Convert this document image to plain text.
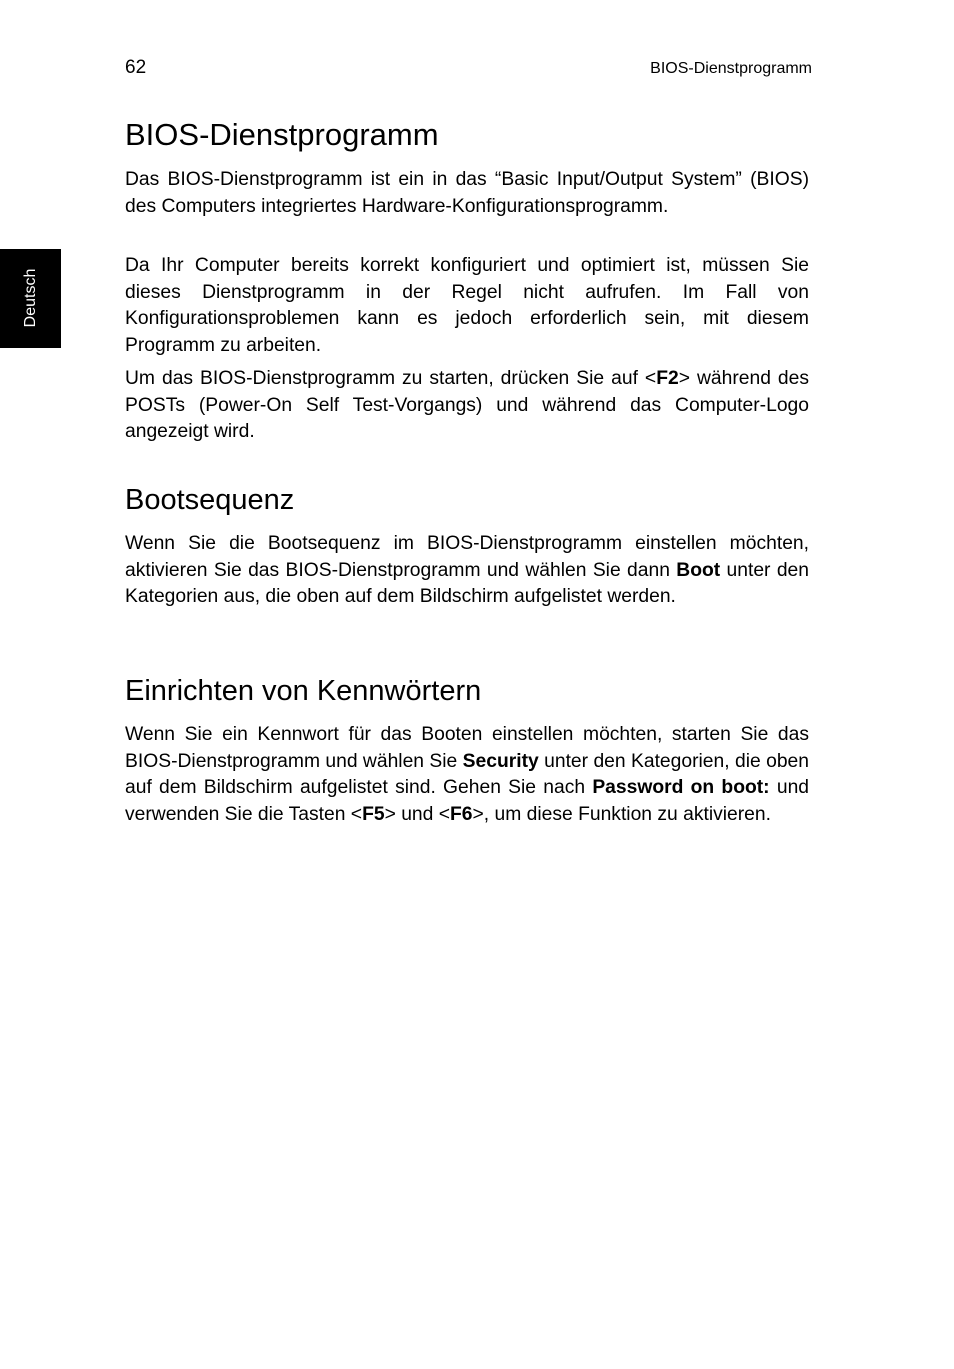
62	BIOS-Dienstprogramm
Deutsch
BIOS-Dienstprogramm

Das BIOS-Dienstprogramm ist ein in das “Basic Input/Output System” (BIOS) des Computers integriertes Hardware-Konfigurationsprogramm.

Da Ihr Computer bereits korrekt konfiguriert und optimiert ist, müssen Sie dieses Dienstprogramm in der Regel nicht aufrufen. Im Fall von Konfigurationsproblemen kann es jedoch erforderlich sein, mit diesem Programm zu arbeiten.

Um das BIOS-Dienstprogramm zu starten, drücken Sie auf <F2> während des POSTs (Power-On Self Test-Vorgangs) und während das Computer-Logo angezeigt wird.

Bootsequenz

Wenn Sie die Bootsequenz im BIOS-Dienstprogramm einstellen möchten, aktivieren Sie das BIOS-Dienstprogramm und wählen Sie dann Boot unter den Kategorien aus, die oben auf dem Bildschirm aufgelistet werden.

Einrichten von Kennwörtern

Wenn Sie ein Kennwort für das Booten einstellen möchten, starten Sie das BIOS-Dienstprogramm und wählen Sie Security unter den Kategorien, die oben auf dem Bildschirm aufgelistet sind. Gehen Sie nach Password on boot: und verwenden Sie die Tasten <F5> und <F6>, um diese Funktion zu aktivieren.
